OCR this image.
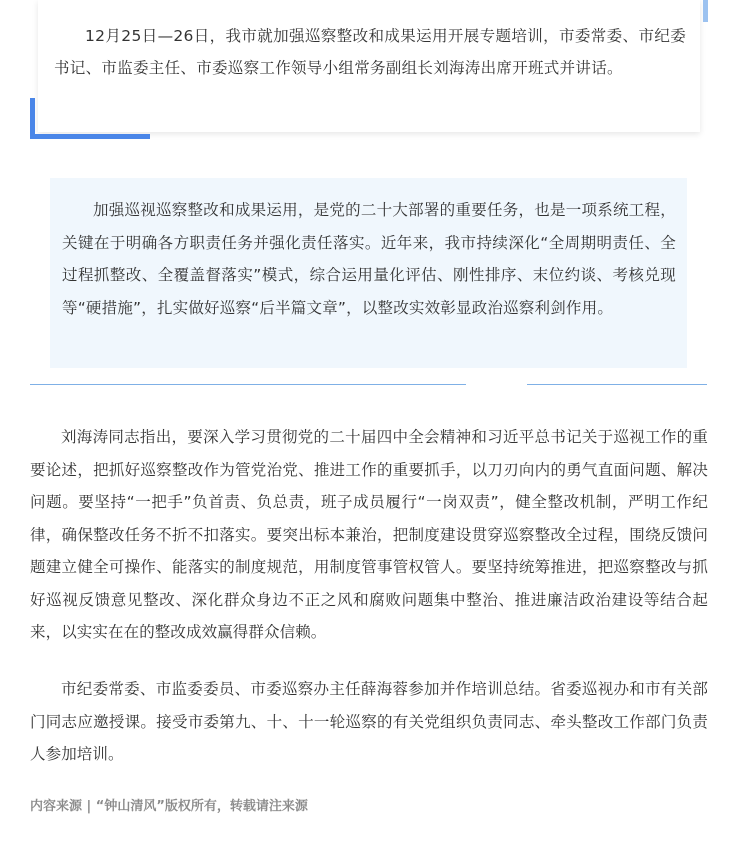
12月25日—26日，我市就加强巡察整改和成果运用开展专题培训，市委常委、市纪委书记、市监委主任、市委巡察工作领导小组常务副组长刘海涛出席开班式并讲话。

加强巡视巡察整改和成果运用，是党的二十大部署的重要任务，也是一项系统工程，关键在于明确各方职责任务并强化责任落实。近年来，我市持续深化“全周期明责任、全过程抓整改、全覆盖督落实”模式，综合运用量化评估、刚性排序、末位约谈、考核兑现等“硬措施”，扎实做好巡察“后半篇文章”，以整改实效彰显政治巡察利剑作用。

刘海涛同志指出，要深入学习贯彻党的二十届四中全会精神和习近平总书记关于巡视工作的重要论述，把抓好巡察整改作为管党治党、推进工作的重要抓手，以刀刃向内的勇气直面问题、解决问题。要坚持“一把手”负首责、负总责，班子成员履行“一岗双责”，健全整改机制，严明工作纪律，确保整改任务不折不扣落实。要突出标本兼治，把制度建设贯穿巡察整改全过程，围绕反馈问题建立健全可操作、能落实的制度规范，用制度管事管权管人。要坚持统筹推进，把巡察整改与抓好巡视反馈意见整改、深化群众身边不正之风和腐败问题集中整治、推进廉洁政治建设等结合起来，以实实在在的整改成效赢得群众信赖。

市纪委常委、市监委委员、市委巡察办主任薛海蓉参加并作培训总结。省委巡视办和市有关部门同志应邀授课。接受市委第九、十、十一轮巡察的有关党组织负责同志、牵头整改工作部门负责人参加培训。

内容来源 | “钟山清风”版权所有，转载请注来源
